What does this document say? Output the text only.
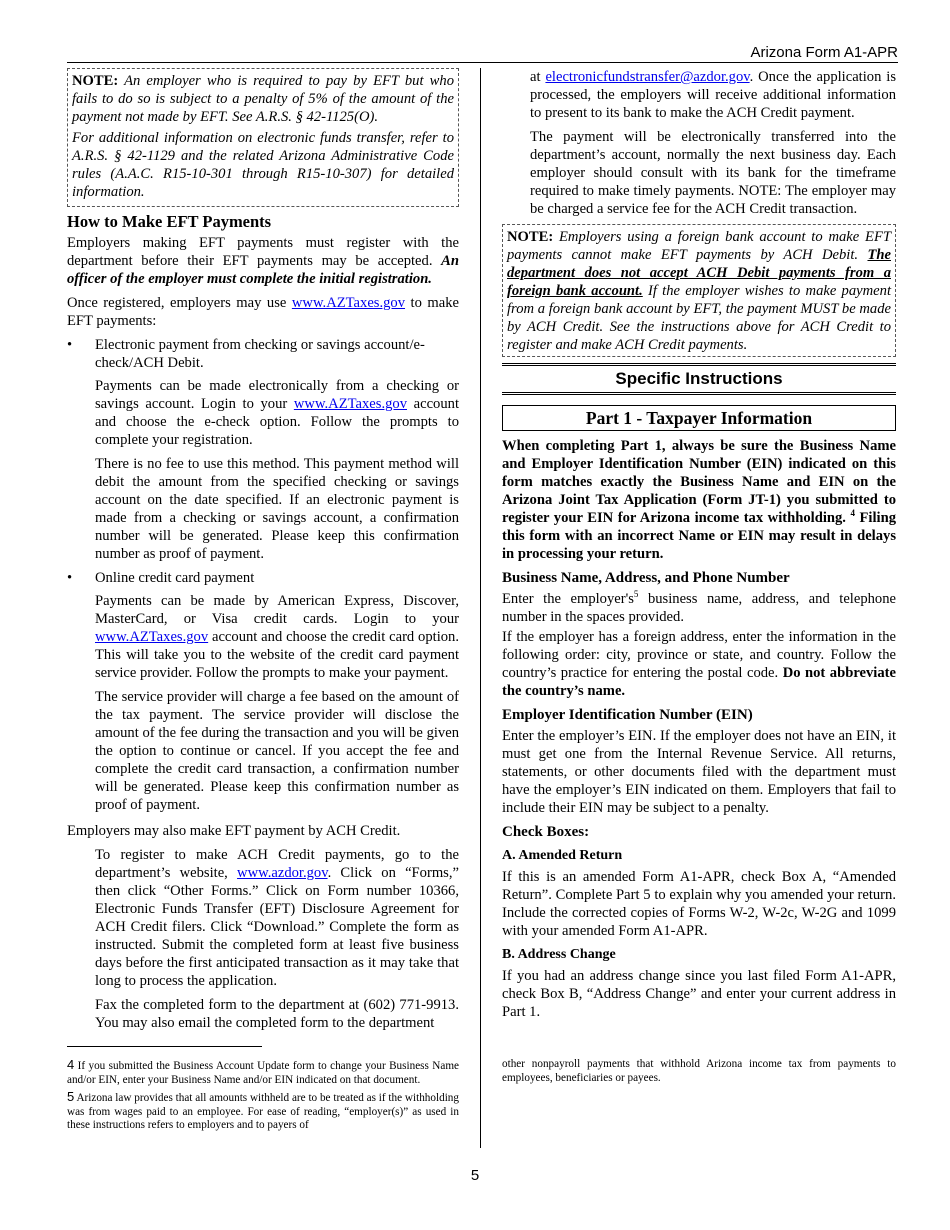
Arizona Form A1-APR

NOTE: An employer who is required to pay by EFT but who fails to do so is subject to a penalty of 5% of the amount of the payment not made by EFT. See A.R.S. § 42-1125(O).

For additional information on electronic funds transfer, refer to A.R.S. § 42-1129 and the related Arizona Administrative Code rules (A.A.C. R15-10-301 through R15-10-307) for detailed information.

How to Make EFT Payments

Employers making EFT payments must register with the department before their EFT payments may be accepted. An officer of the employer must complete the initial registration.

Once registered, employers may use www.AZTaxes.gov to make EFT payments:

• Electronic payment from checking or savings account/e-check/ACH Debit.

Payments can be made electronically from a checking or savings account. Login to your www.AZTaxes.gov account and choose the e-check option. Follow the prompts to complete your registration.

There is no fee to use this method. This payment method will debit the amount from the specified checking or savings account on the date specified. If an electronic payment is made from a checking or savings account, a confirmation number will be generated. Please keep this confirmation number as proof of payment.

• Online credit card payment

Payments can be made by American Express, Discover, MasterCard, or Visa credit cards. Login to your www.AZTaxes.gov account and choose the credit card option. This will take you to the website of the credit card payment service provider. Follow the prompts to make your payment.

The service provider will charge a fee based on the amount of the tax payment. The service provider will disclose the amount of the fee during the transaction and you will be given the option to continue or cancel. If you accept the fee and complete the credit card transaction, a confirmation number will be generated. Please keep this confirmation number as proof of payment.

Employers may also make EFT payment by ACH Credit.

To register to make ACH Credit payments, go to the department’s website, www.azdor.gov. Click on “Forms,” then click “Other Forms.” Click on Form number 10366, Electronic Funds Transfer (EFT) Disclosure Agreement for ACH Credit filers. Click “Download.” Complete the form as instructed. Submit the completed form at least five business days before the first anticipated transaction as it may take that long to process the application.

Fax the completed form to the department at (602) 771-9913. You may also email the completed form to the department

at electronicfundstransfer@azdor.gov. Once the application is processed, the employers will receive additional information to present to its bank to make the ACH Credit payment.

The payment will be electronically transferred into the department’s account, normally the next business day. Each employer should consult with its bank for the timeframe required to make timely payments. NOTE: The employer may be charged a service fee for the ACH Credit transaction.

NOTE: Employers using a foreign bank account to make EFT payments cannot make EFT payments by ACH Debit. The department does not accept ACH Debit payments from a foreign bank account. If the employer wishes to make payment from a foreign bank account by EFT, the payment MUST be made by ACH Credit. See the instructions above for ACH Credit to register and make ACH Credit payments.

Specific Instructions
Part 1 - Taxpayer Information

When completing Part 1, always be sure the Business Name and Employer Identification Number (EIN) indicated on this form matches exactly the Business Name and EIN on the Arizona Joint Tax Application (Form JT-1) you submitted to register your EIN for Arizona income tax withholding. $^4$ Filing this form with an incorrect Name or EIN may result in delays in processing your return.

Business Name, Address, and Phone Number

Enter the $employer's^5$ business name, address, and telephone number in the spaces provided.

If the employer has a foreign address, enter the information in the following order: city, province or state, and country. Follow the country’s practice for entering the postal code. Do not abbreviate the country’s name.

Employer Identification Number (EIN)

Enter the employer’s EIN. If the employer does not have an EIN, it must get one from the Internal Revenue Service. All returns, statements, or other documents filed with the department must have the employer’s EIN indicated on them. Employers that fail to include their EIN may be subject to a penalty.

Check Boxes:
A. Amended Return

If this is an amended Form A1-APR, check Box A, “Amended Return”. Complete Part 5 to explain why you amended your return. Include the corrected copies of Forms W-2, W-2c, W-2G and 1099 with your amended Form A1-APR.

B. Address Change

If you had an address change since you last filed Form A1-APR, check Box B, “Address Change” and enter your current address in Part 1.

4 If you submitted the Business Account Update form to change your Business Name and/or EIN, enter your Business Name and/or EIN indicated on that document.

5 Arizona law provides that all amounts withheld are to be treated as if the withholding was from wages paid to an employee. For ease of reading, “employer(s)” as used in these instructions refers to employers and to payers of

other nonpayroll payments that withhold Arizona income tax from payments to employees, beneficiaries or payees.

5
